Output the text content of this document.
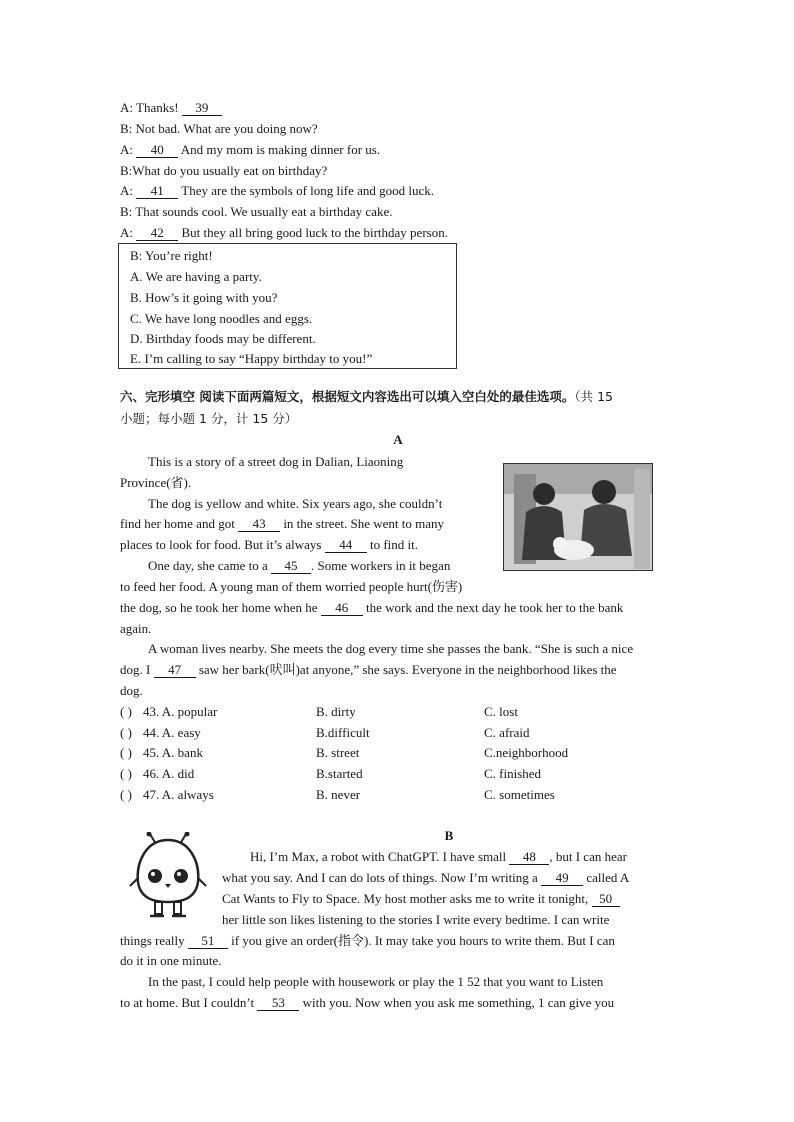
A: Thanks! 39
B: Not bad. What are you doing now?
A: 40 And my mom is making dinner for us.
B:What do you usually eat on birthday?
A: 41 They are the symbols of long life and good luck.
B: That sounds cool. We usually eat a birthday cake.
A: 42 But they all bring good luck to the birthday person.
B: You’re right!
A. We are having a party.
B. How’s it going with you?
C. We have long noodles and eggs.
D. Birthday foods may be different.
E. I’m calling to say “Happy birthday to you!”
六、完形填空 阅读下面两篇短文，根据短文内容选出可以填入空白处的最佳选项。（共 15
小题；每小题 1 分，计 15 分）
A
This is a story of a street dog in Dalian, Liaoning
Province(省).
The dog is yellow and white. Six years ago, she couldn’t
find her home and got 43 in the street. She went to many
places to look for food. But it’s always 44 to find it.
One day, she came to a 45 . Some workers in it began
to feed her food. A young man of them worried people hurt(伤害)
the dog, so he took her home when he 46 the work and the next day he took her to the bank
again.
A woman lives nearby. She meets the dog every time she passes the bank. “She is such a nice
dog. I 47 saw her bark(吠叫)at anyone,” she says. Everyone in the neighborhood likes the
dog.
( ) 43. A. popular	B. dirty	C. lost
( ) 44. A. easy	B.difficult	C. afraid
( ) 45. A. bank	B. street	C.neighborhood
( ) 46. A. did	B.started	C. finished
( ) 47. A. always	B. never	C. sometimes
B
Hi, I’m Max, a robot with ChatGPT. I have small 48 , but I can hear
what you say. And I can do lots of things. Now I’m writing a 49 called A
Cat Wants to Fly to Space. My host mother asks me to write it tonight, 50
her little son likes listening to the stories I write every bedtime. I can write
things really 51 if you give an order(指令). It may take you hours to write them. But I can
do it in one minute.
In the past, I could help people with housework or play the 1 52 that you want to Listen
to at home. But I couldn’t 53 with you. Now when you ask me something, 1 can give you
